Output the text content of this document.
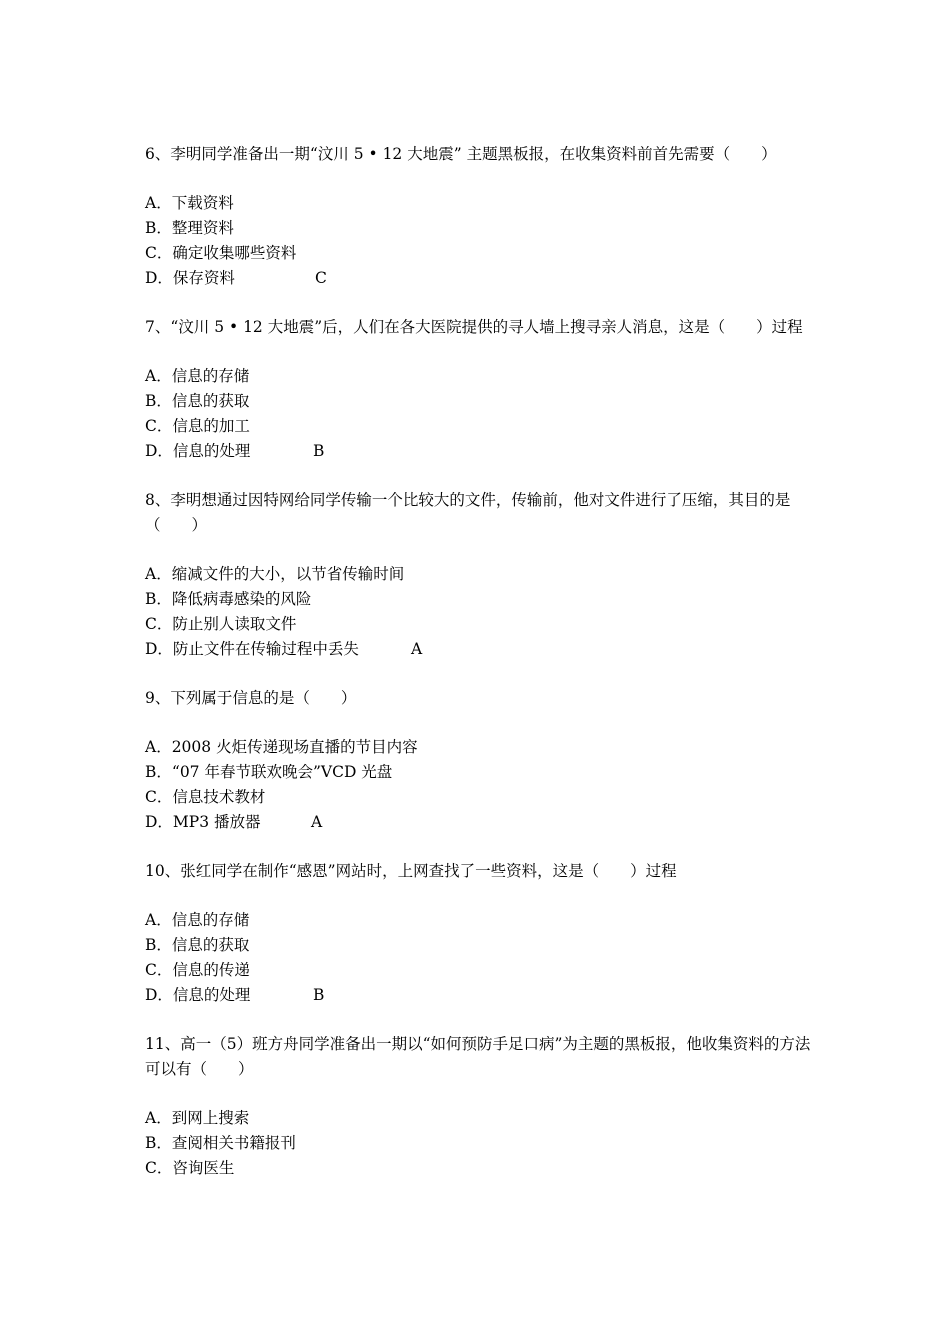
6、李明同学准备出一期“汶川 5 • 12 大地震” 主题黑板报，在收集资料前首先需要（　　）
A．下载资料
B．整理资料
C．确定收集哪些资料
D．保存资料	C
7、“汶川 5 • 12 大地震”后，人们在各大医院提供的寻人墙上搜寻亲人消息，这是（　　）过程
A．信息的存储
B．信息的获取
C．信息的加工
D．信息的处理	B
8、李明想通过因特网给同学传输一个比较大的文件，传输前，他对文件进行了压缩，其目的是（　　）
A．缩减文件的大小，以节省传输时间
B．降低病毒感染的风险
C．防止别人读取文件
D．防止文件在传输过程中丢失	A
9、下列属于信息的是（　　）
A．2008 火炬传递现场直播的节目内容
B．“07 年春节联欢晚会”VCD 光盘
C．信息技术教材
D．MP3 播放器	A
10、张红同学在制作“感恩”网站时，上网查找了一些资料，这是（　　）过程
A．信息的存储
B．信息的获取
C．信息的传递
D．信息的处理	B
11、高一（5）班方舟同学准备出一期以“如何预防手足口病”为主题的黑板报，他收集资料的方法可以有（　　）
A．到网上搜索
B．查阅相关书籍报刊
C．咨询医生
